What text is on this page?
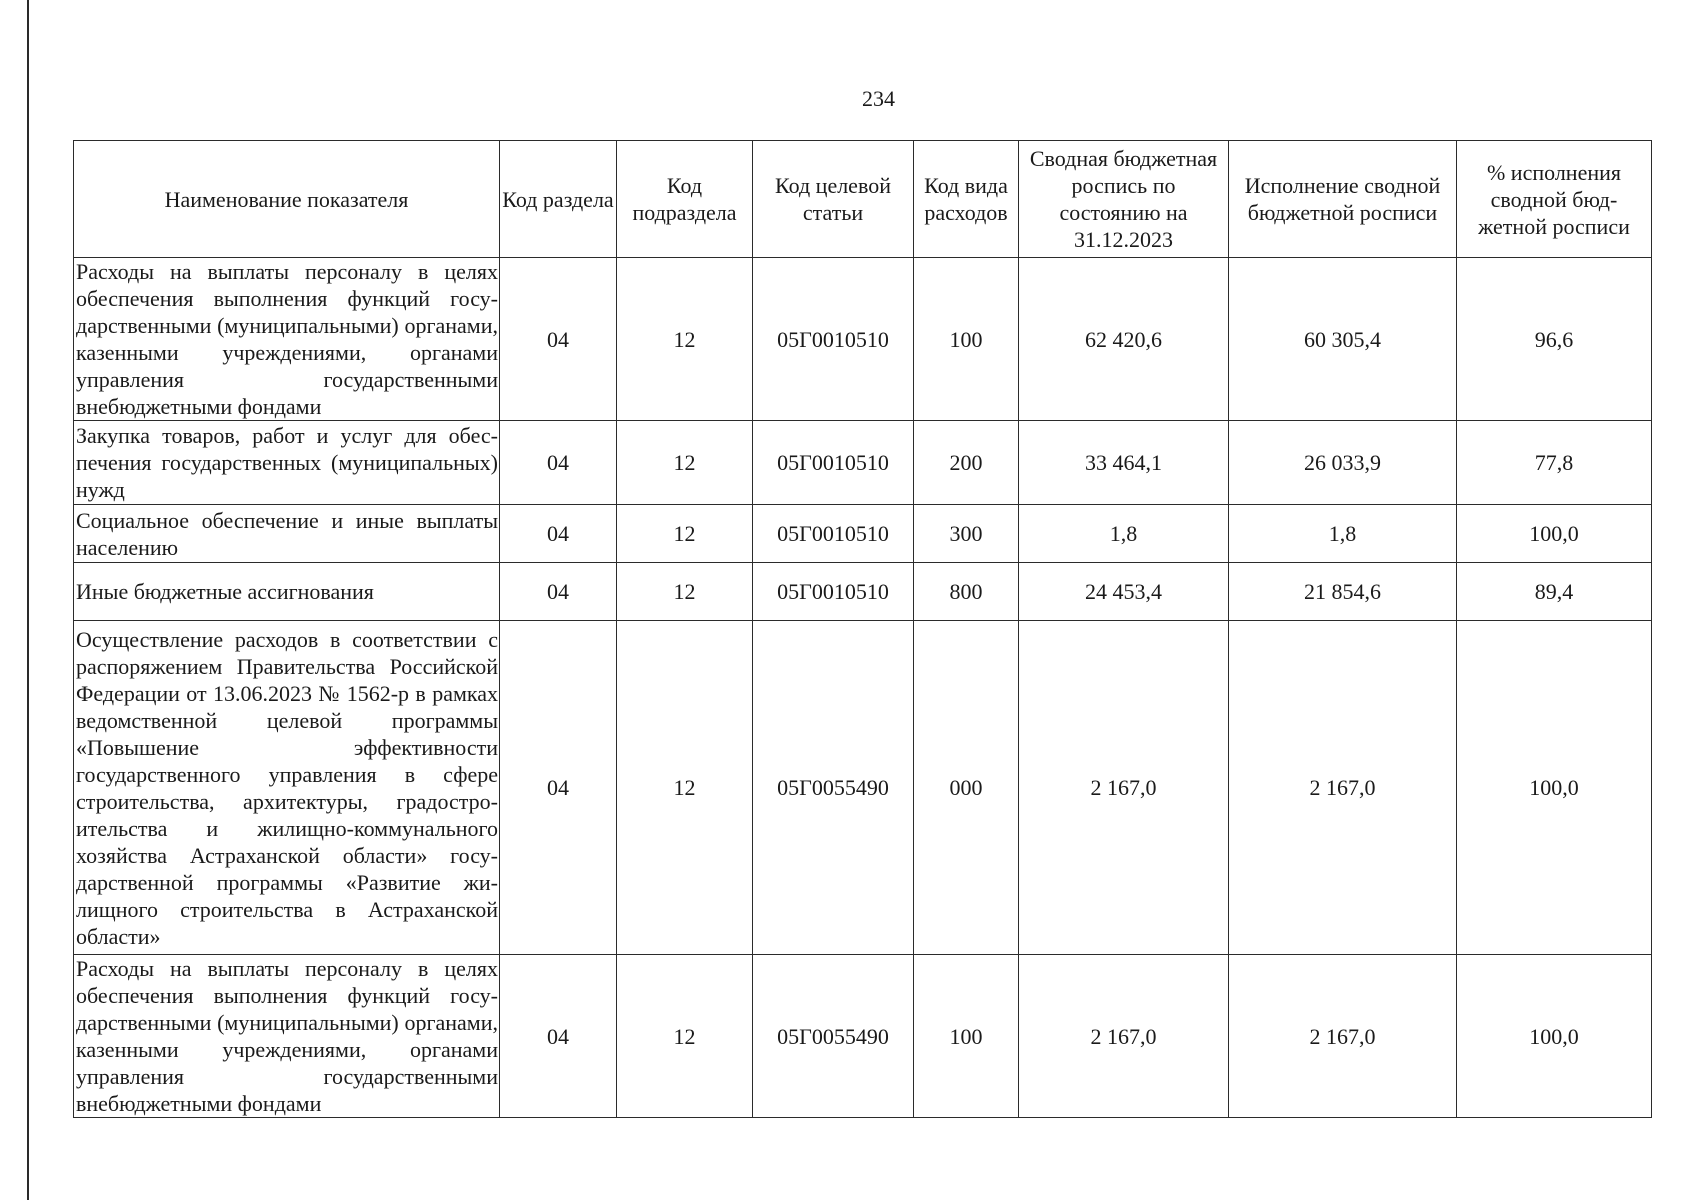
234
Наименование показателя	Код раздела	Код подраздела	Код целевой статьи	Код вида расходов	Сводная бюджетная роспись по состоянию на 31.12.2023	Исполнение сводной бюджетной росписи	% исполнения сводной бюд-жетной росписи
Расходы на выплаты персоналу в целях обеспечения выполнения функций государственными (муниципальными) органами, казенными учреждениями, органами управления государственными внебюджетными фондами	04	12	05Г0010510	100	62 420,6	60 305,4	96,6
Закупка товаров, работ и услуг для обеспечения государственных (муниципальных) нужд	04	12	05Г0010510	200	33 464,1	26 033,9	77,8
Социальное обеспечение и иные выплаты населению	04	12	05Г0010510	300	1,8	1,8	100,0
Иные бюджетные ассигнования	04	12	05Г0010510	800	24 453,4	21 854,6	89,4
Осуществление расходов в соответствии с распоряжением Правительства Российской Федерации от 13.06.2023 № 1562-р в рамках ведомственной целевой программы «Повышение эффективности государственного управления в сфере строительства, архитектуры, градостроительства и жилищно-коммунального хозяйства Астраханской области» государственной программы «Развитие жилищного строительства в Астраханской области»	04	12	05Г0055490	000	2 167,0	2 167,0	100,0
Расходы на выплаты персоналу в целях обеспечения выполнения функций государственными (муниципальными) органами, казенными учреждениями, органами управления государственными внебюджетными фондами	04	12	05Г0055490	100	2 167,0	2 167,0	100,0
